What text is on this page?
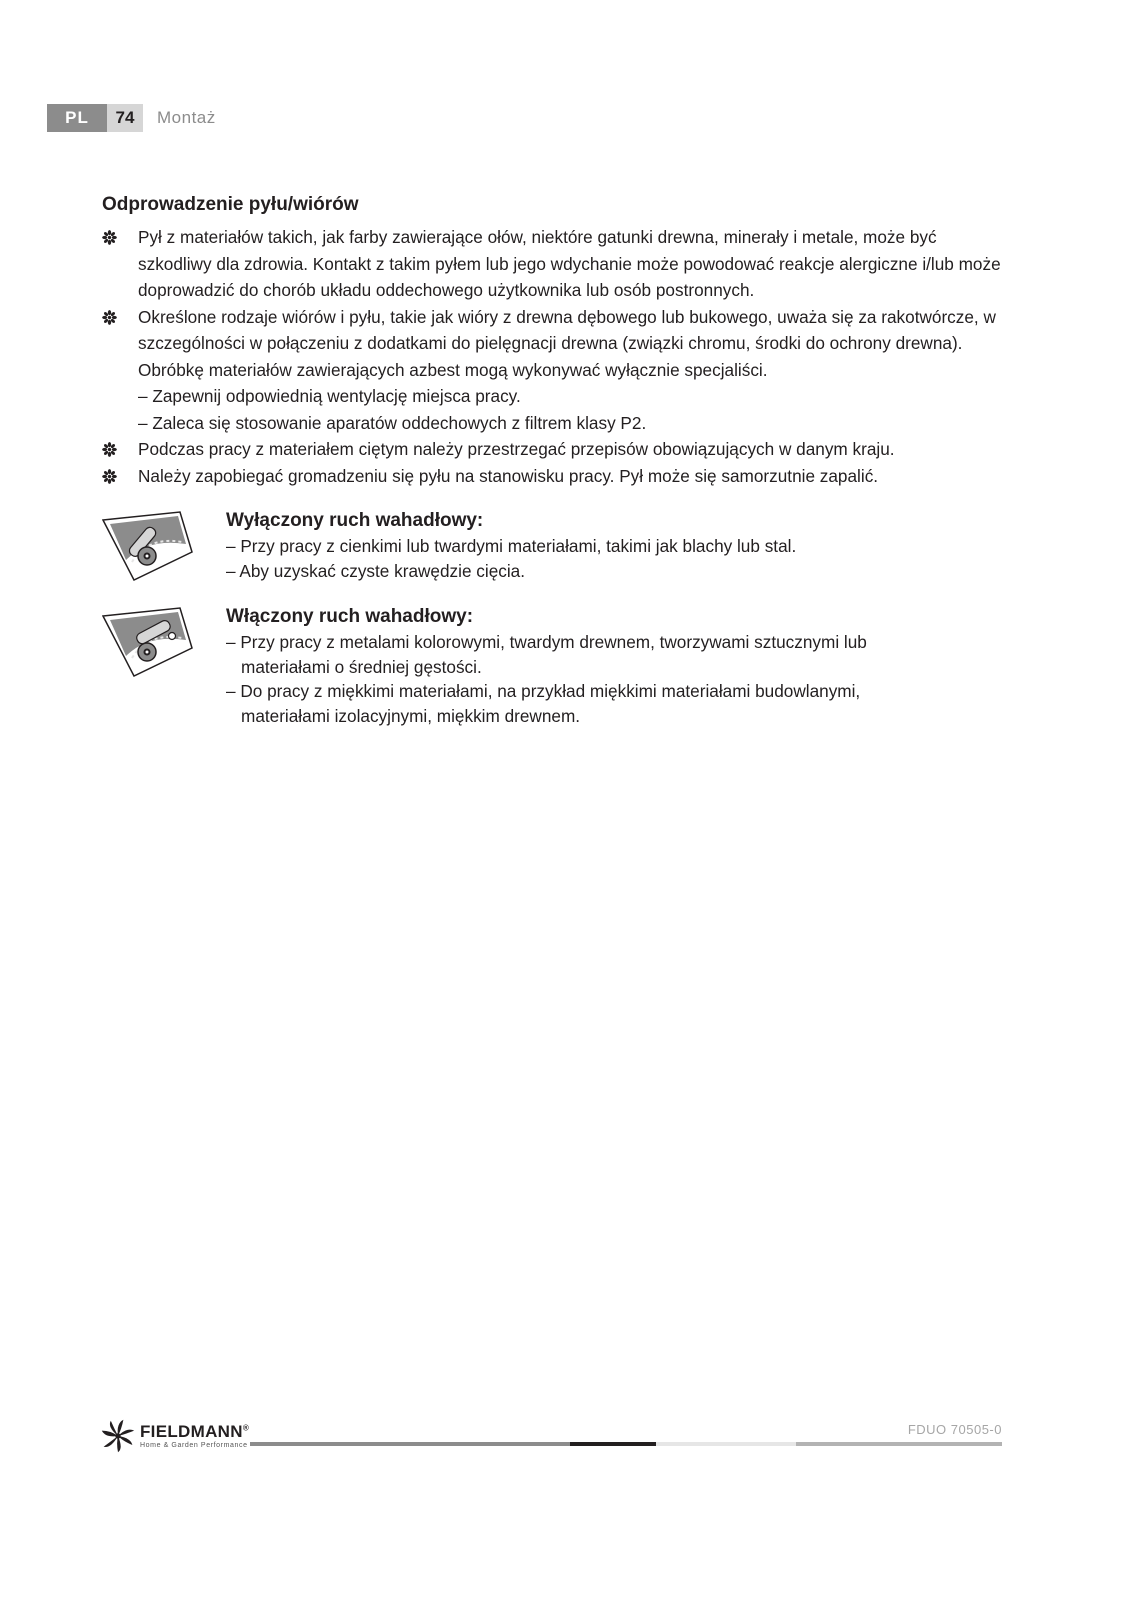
PL	74	Montaż
Odprowadzenie pyłu/wiórów
Pył z materiałów takich, jak farby zawierające ołów, niektóre gatunki drewna, minerały i metale, może być szkodliwy dla zdrowia. Kontakt z takim pyłem lub jego wdychanie może powodować reakcje alergiczne i/lub może doprowadzić do chorób układu oddechowego użytkownika lub osób postronnych.
Określone rodzaje wiórów i pyłu, takie jak wióry z drewna dębowego lub bukowego, uważa się za rakotwórcze, w szczególności w połączeniu z dodatkami do pielęgnacji drewna (związki chromu, środki do ochrony drewna). Obróbkę materiałów zawierających azbest mogą wykonywać wyłącznie specjaliści.
– Zapewnij odpowiednią wentylację miejsca pracy.
– Zaleca się stosowanie aparatów oddechowych z filtrem klasy P2.
Podczas pracy z materiałem ciętym należy przestrzegać przepisów obowiązujących w danym kraju.
Należy zapobiegać gromadzeniu się pyłu na stanowisku pracy. Pył może się samorzutnie zapalić.
Wyłączony ruch wahadłowy:
– Przy pracy z cienkimi lub twardymi materiałami, takimi jak blachy lub stal.
– Aby uzyskać czyste krawędzie cięcia.
Włączony ruch wahadłowy:
– Przy pracy z metalami kolorowymi, twardym drewnem, tworzywami sztucznymi lub materiałami o średniej gęstości.
– Do pracy z miękkimi materiałami, na przykład miękkimi materiałami budowlanymi, materiałami izolacyjnymi, miękkim drewnem.
FIELDMANN®
Home & Garden Performance
FDUO 70505-0
